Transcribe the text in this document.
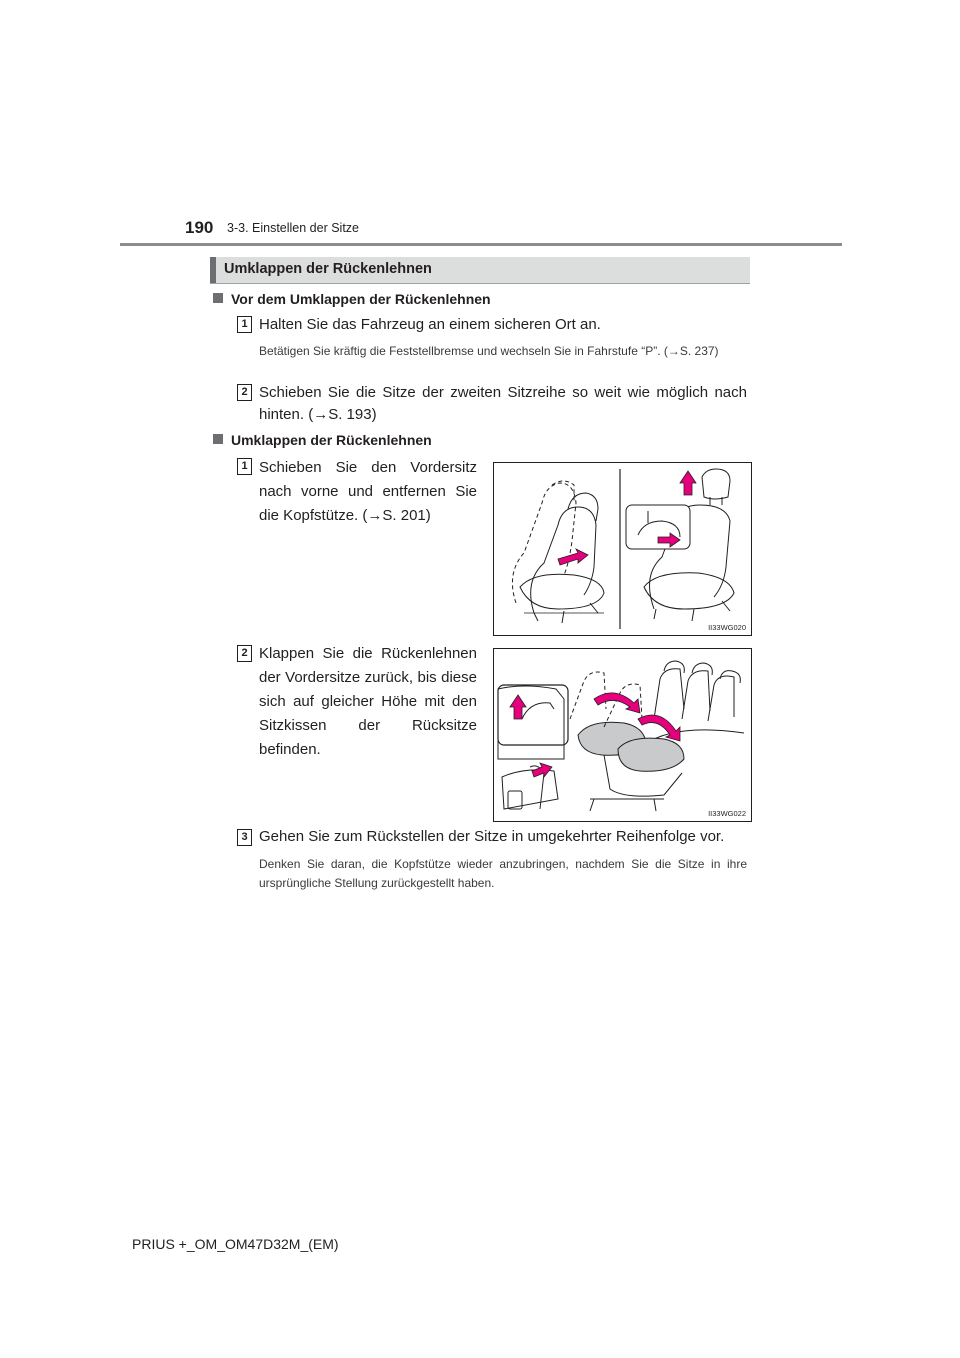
190 3-3. Einstellen der Sitze
Umklappen der Rückenlehnen
Vor dem Umklappen der Rückenlehnen
1 Halten Sie das Fahrzeug an einem sicheren Ort an.
Betätigen Sie kräftig die Feststellbremse und wechseln Sie in Fahrstufe “P”. (→S. 237)
2 Schieben Sie die Sitze der zweiten Sitzreihe so weit wie möglich nach hinten. (→S. 193)
Umklappen der Rückenlehnen
1 Schieben Sie den Vordersitz nach vorne und entfernen Sie die Kopfstütze. (→S. 201)
II33WG020
2 Klappen Sie die Rückenlehnen der Vordersitze zurück, bis diese sich auf gleicher Höhe mit den Sitzkissen der Rücksitze befinden.
II33WG022
3 Gehen Sie zum Rückstellen der Sitze in umgekehrter Reihenfolge vor.
Denken Sie daran, die Kopfstütze wieder anzubringen, nachdem Sie die Sitze in ihre ursprüngliche Stellung zurückgestellt haben.
PRIUS +_OM_OM47D32M_(EM)
